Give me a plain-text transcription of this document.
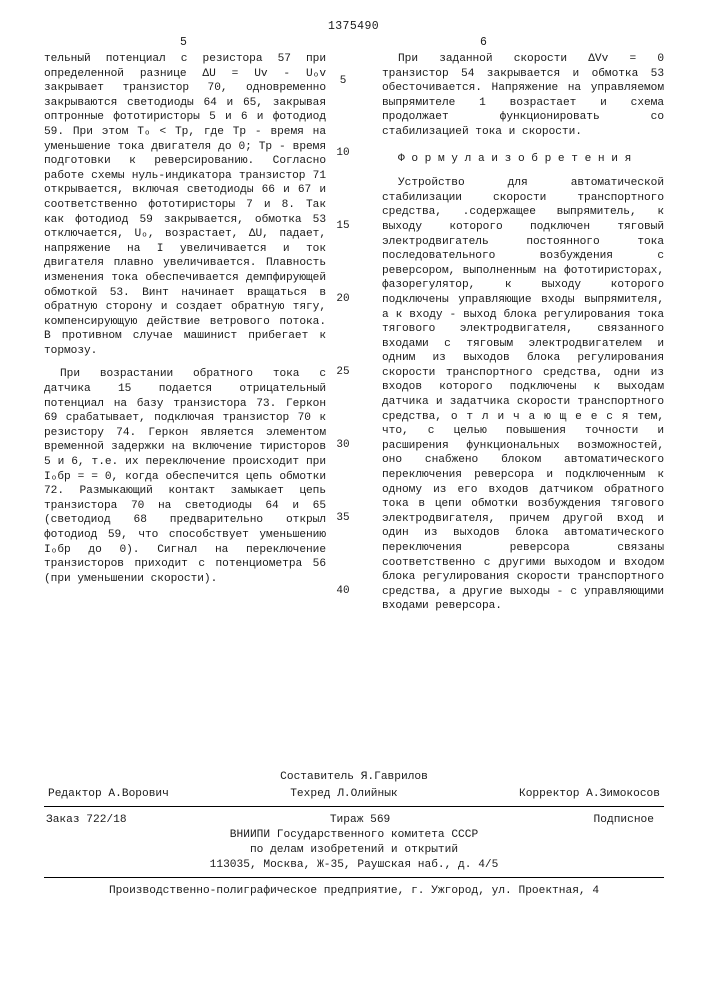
1375490
5	6

тельный потенциал с резистора 57 при определенной разнице ΔU = Uᴠ - Uₒᴠ закрывает транзистор 70, одновременно закрываются светодиоды 64 и 65, закрывая оптронные фототиристоры 5 и 6 и фотодиод 59. При этом Tₒ < Tр, где Tр - время на уменьшение тока двигателя до 0; Tр - время подготовки к реверсированию. Согласно работе схемы нуль-индикатора транзистор 71 открывается, включая светодиоды 66 и 67 и соответственно фототиристоры 7 и 8. Так как фотодиод 59 закрывается, обмотка 53 отключается, Uₒ, возрастает, ΔU, падает, напряжение на I увеличивается и ток двигателя плавно увеличивается. Плавность изменения тока обеспечивается демпфирующей обмоткой 53. Винт начинает вращаться в обратную сторону и создает обратную тягу, компенсирующую действие ветрового потока. В противном случае машинист прибегает к тормозу.

При возрастании обратного тока с датчика 15 подается отрицательный потенциал на базу транзистора 73. Геркон 69 срабатывает, подключая транзистор 70 к резистору 74. Геркон является элементом временной задержки на включение тиристоров 5 и 6, т.е. их переключение происходит при Iₒбр = = 0, когда обеспечится цепь обмотки 72. Размыкающий контакт замыкает цепь транзистора 70 на светодиоды 64 и 65 (светодиод 68 предварительно открыл фотодиод 59, что способствует уменьшению Iₒбр до 0). Сигнал на переключение транзисторов приходит с потенциометра 56 (при уменьшении скорости).

При заданной скорости ΔVᴠ = 0 транзистор 54 закрывается и обмотка 53 обесточивается. Напряжение на управляемом выпрямителе 1 возрастает и схема продолжает функционировать со стабилизацией тока и скорости.

Ф о р м у л а и з о б р е т е н и я

Устройство для автоматической стабилизации скорости транспортного средства, .содержащее выпрямитель, к выходу которого подключен тяговый электродвигатель постоянного тока последовательного возбуждения с реверсором, выполненным на фототиристорах, фазорегулятор, к выходу которого подключены управляющие входы выпрямителя, а к входу - выход блока регулирования тока тягового электродвигателя, связанного входами с тяговым электродвигателем и одним из выходов блока регулирования скорости транспортного средства, одни из входов которого подключены к выходам датчика и задатчика скорости транспортного средства, о т л и ч а ю щ е е с я тем, что, с целью повышения точности и расширения функциональных возможностей, оно снабжено блоком автоматического переключения реверсора и подключенным к одному из его входов датчиком обратного тока в цепи обмотки возбуждения тягового электродвигателя, причем другой вход и один из выходов блока автоматического переключения реверсора связаны соответственно с другими выходом и входом блока регулирования скорости транспортного средства, а другие выходы - с управляющими входами реверсора.

5
10
15
20
25
30
35
40
Составитель Я.Гаврилов
Редактор А.Ворович	Техред Л.Олийнык	Корректор А.Зимокосов
Заказ 722/18	Тираж 569	Подписное
ВНИИПИ Государственного комитета СССР
по делам изобретений и открытий
113035, Москва, Ж-35, Раушская наб., д. 4/5
Производственно-полиграфическое предприятие, г. Ужгород, ул. Проектная, 4
